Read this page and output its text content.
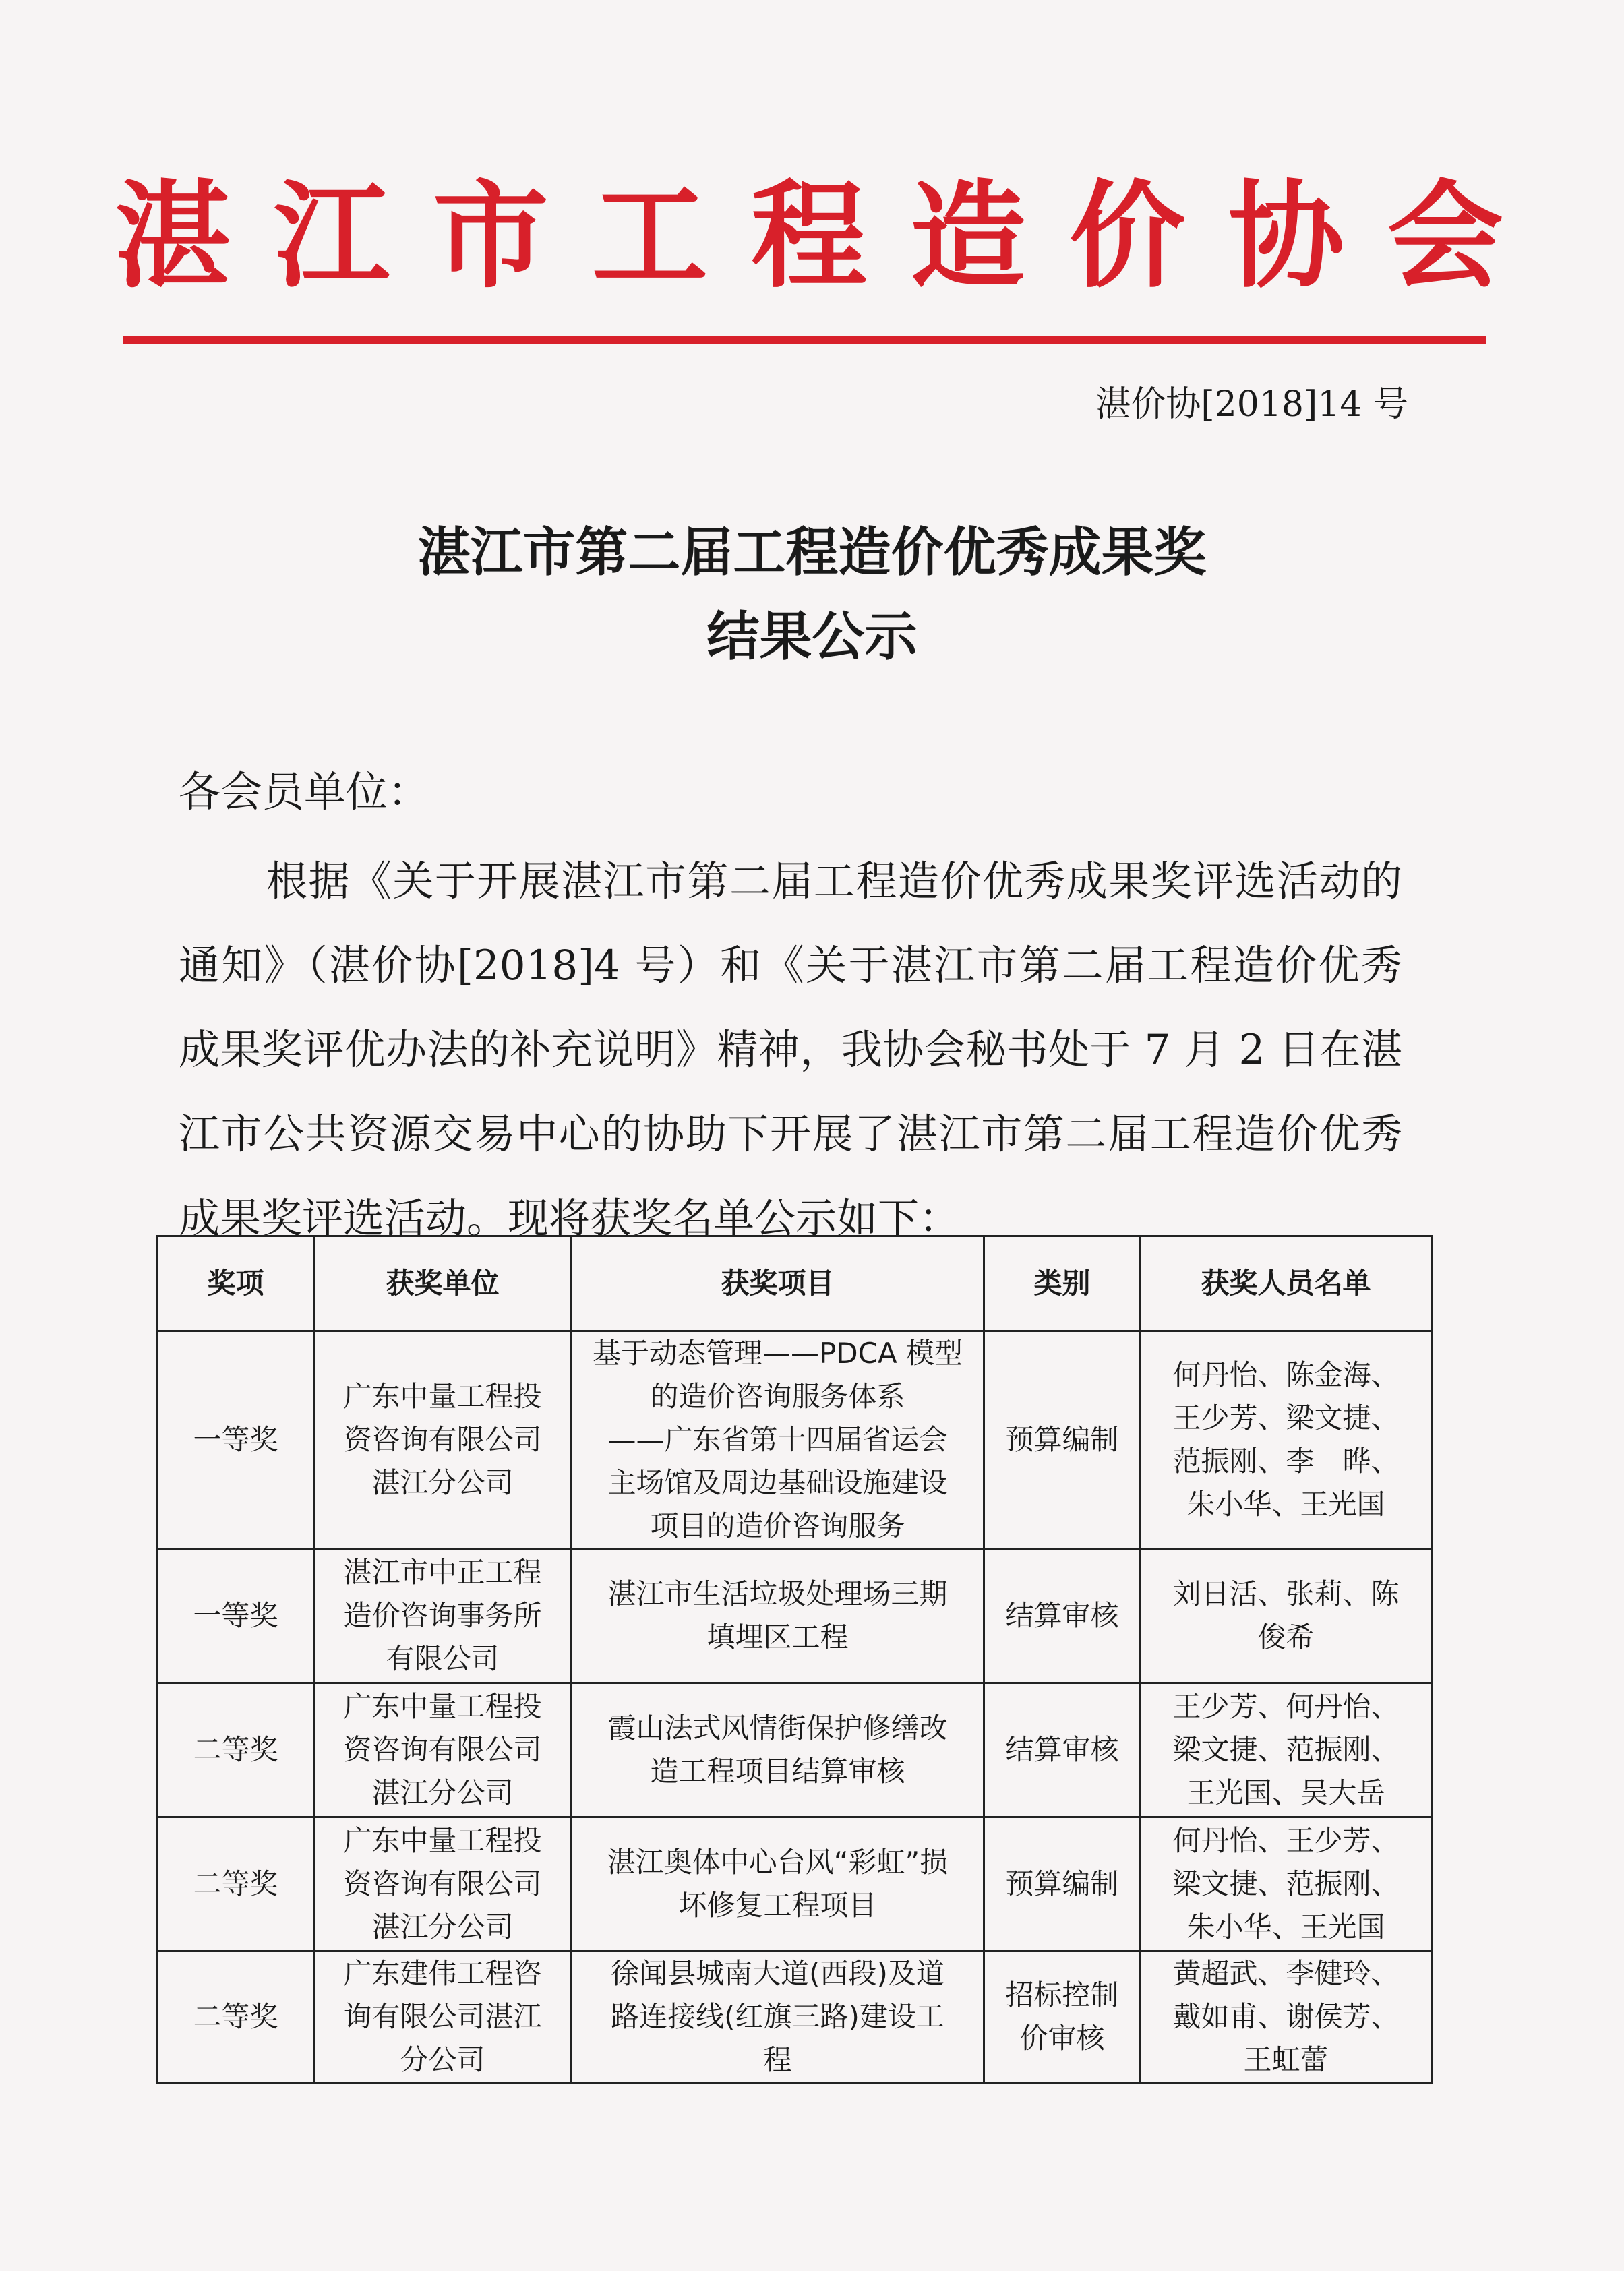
湛江市工程造价协会
湛价协[2018]14 号
湛江市第二届工程造价优秀成果奖
结果公示
各会员单位：
根据《关于开展湛江市第二届工程造价优秀成果奖评选活动的通知》（湛价协[2018]4 号）和《关于湛江市第二届工程造价优秀成果奖评优办法的补充说明》精神，我协会秘书处于 7 月 2 日在湛江市公共资源交易中心的协助下开展了湛江市第二届工程造价优秀成果奖评选活动。现将获奖名单公示如下：
奖项	获奖单位	获奖项目	类别	获奖人员名单
一等奖	广东中量工程投
资咨询有限公司
湛江分公司	基于动态管理——PDCA 模型
的造价咨询服务体系
——广东省第十四届省运会
主场馆及周边基础设施建设
项目的造价咨询服务	预算编制	何丹怡、陈金海、
王少芳、梁文捷、
范振刚、李　晔、
朱小华、王光国

一等奖	湛江市中正工程
造价咨询事务所
有限公司	湛江市生活垃圾处理场三期
填埋区工程	结算审核	刘日活、张莉、陈
俊希

二等奖	广东中量工程投
资咨询有限公司
湛江分公司	霞山法式风情街保护修缮改
造工程项目结算审核	结算审核	王少芳、何丹怡、
梁文捷、范振刚、
王光国、吴大岳

二等奖	广东中量工程投
资咨询有限公司
湛江分公司	湛江奥体中心台风“彩虹”损
坏修复工程项目	预算编制	何丹怡、王少芳、
梁文捷、范振刚、
朱小华、王光国

二等奖	广东建伟工程咨
询有限公司湛江
分公司	徐闻县城南大道(西段)及道
路连接线(红旗三路)建设工
程	招标控制
价审核	黄超武、李健玲、
戴如甫、谢侯芳、
王虹蕾
